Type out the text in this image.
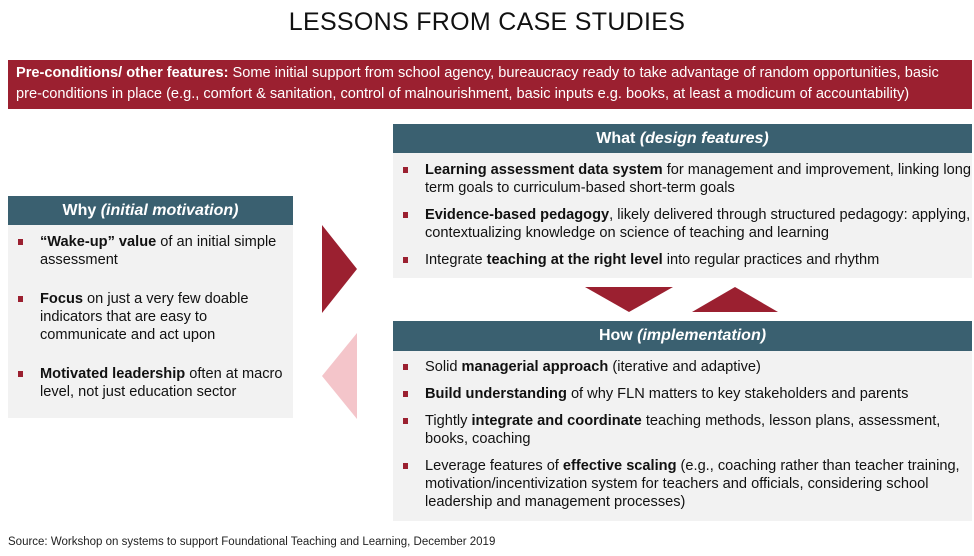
LESSONS FROM CASE STUDIES
Pre-conditions/ other features: Some initial support from school agency, bureaucracy ready to take advantage of random opportunities, basic pre-conditions in place (e.g., comfort & sanitation, control of malnourishment, basic inputs e.g. books, at least a modicum of accountability)
Why (initial motivation)
“Wake-up” value of an initial simple assessment
Focus on just a very few doable indicators that are easy to communicate and act upon
Motivated leadership often at macro level, not just education sector
What (design features)
Learning assessment data system for management and improvement, linking long term goals to curriculum-based short-term goals
Evidence-based pedagogy, likely delivered through structured pedagogy: applying, contextualizing knowledge on science of teaching and learning
Integrate teaching at the right level into regular practices and rhythm
How (implementation)
Solid managerial approach (iterative and adaptive)
Build understanding of why FLN matters to key stakeholders and parents
Tightly integrate and coordinate teaching methods, lesson plans, assessment, books, coaching
Leverage features of effective scaling (e.g., coaching rather than teacher training, motivation/incentivization system for teachers and officials, considering school leadership and management processes)
Source: Workshop on systems to support Foundational Teaching and Learning, December 2019
